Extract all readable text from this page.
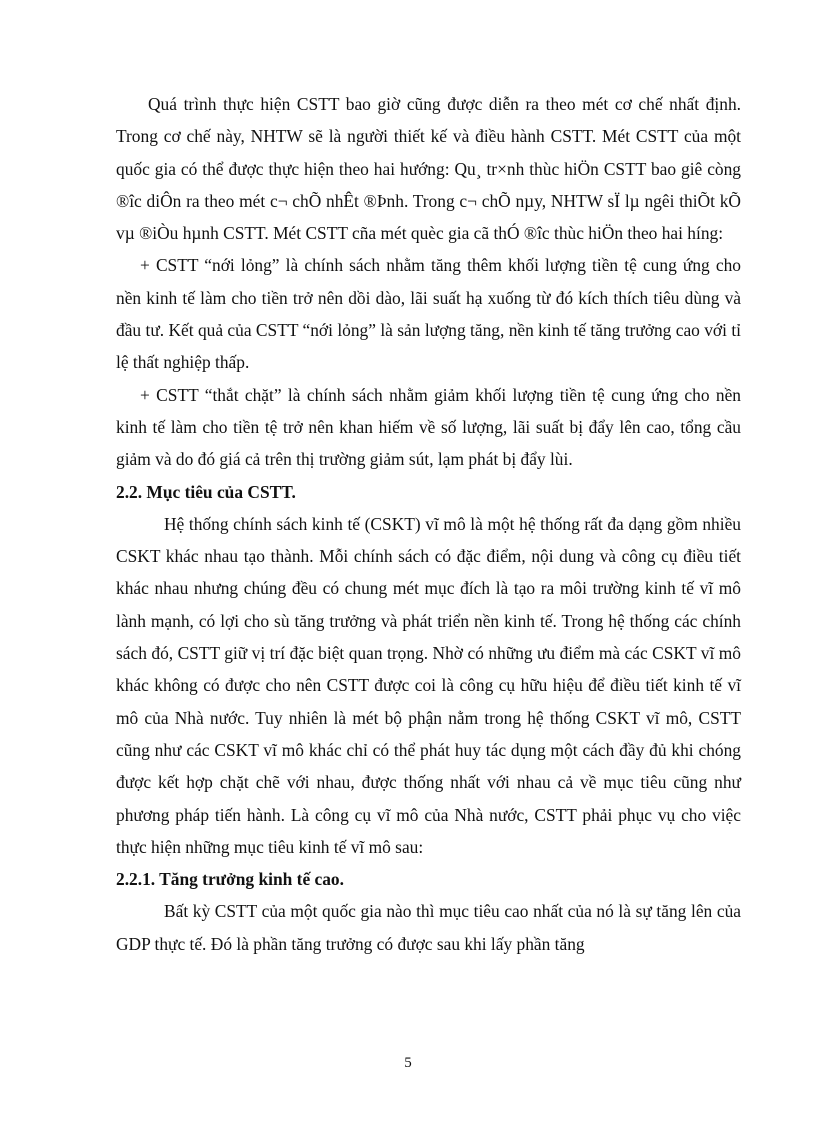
Quá trình thực hiện CSTT bao giờ cũng được diễn ra theo mét cơ chế nhất định. Trong cơ chế này, NHTW sẽ là người thiết kế và điều hành CSTT. Mét CSTT của một quốc gia có thể được thực hiện theo hai hướng: Qu¸ tr×nh thùc hiÖn CSTT bao giê còng ®îc diÔn ra theo mét c¬ chÕ nhÊt ®Þnh. Trong c¬ chÕ nµy, NHTW sÏ lµ ngêi thiÕt kÕ vµ ®iÒu hµnh CSTT. Mét CSTT cña mét quèc gia cã thÓ ®îc thùc hiÖn theo hai híng:

+ CSTT “nới lỏng” là chính sách nhằm tăng thêm khối lượng tiền tệ cung ứng cho nền kinh tế làm cho tiền trở nên dồi dào, lãi suất hạ xuống từ đó kích thích tiêu dùng và đầu tư. Kết quả của CSTT “nới lỏng” là sản lượng tăng, nền kinh tế tăng trưởng cao với tỉ lệ thất nghiệp thấp.

+ CSTT “thắt chặt” là chính sách nhằm giảm khối lượng tiền tệ cung ứng cho nền kinh tế làm cho tiền tệ trở nên khan hiếm về số lượng, lãi suất bị đẩy lên cao, tổng cầu giảm và do đó giá cả trên thị trường giảm sút, lạm phát bị đẩy lùi.

2.2. Mục tiêu của CSTT.

Hệ thống chính sách kinh tế (CSKT) vĩ mô là một hệ thống rất đa dạng gồm nhiều CSKT khác nhau tạo thành. Mỗi chính sách có đặc điểm, nội dung và công cụ điều tiết khác nhau nhưng chúng đều có chung mét mục đích là tạo ra môi trường kinh tế vĩ mô lành mạnh, có lợi cho sù tăng trưởng và phát triển nền kinh tế. Trong hệ thống các chính sách đó, CSTT giữ vị trí đặc biệt quan trọng. Nhờ có những ưu điểm mà các CSKT vĩ mô khác không có được cho nên CSTT được coi là công cụ hữu hiệu để điều tiết kinh tế vĩ mô của Nhà nước. Tuy nhiên là mét bộ phận nằm trong hệ thống CSKT vĩ mô, CSTT cũng như các CSKT vĩ mô khác chỉ có thể phát huy tác dụng một cách đầy đủ khi chóng được kết hợp chặt chẽ với nhau, được thống nhất với nhau cả về mục tiêu cũng như phương pháp tiến hành. Là công cụ vĩ mô của Nhà nước, CSTT phải phục vụ cho việc thực hiện những mục tiêu kinh tế vĩ mô sau:

2.2.1. Tăng trưởng kinh tế cao.

Bất kỳ CSTT của một quốc gia nào thì mục tiêu cao nhất của nó là sự tăng lên của GDP thực tế. Đó là phần tăng trưởng có được sau khi lấy phần tăng

5
